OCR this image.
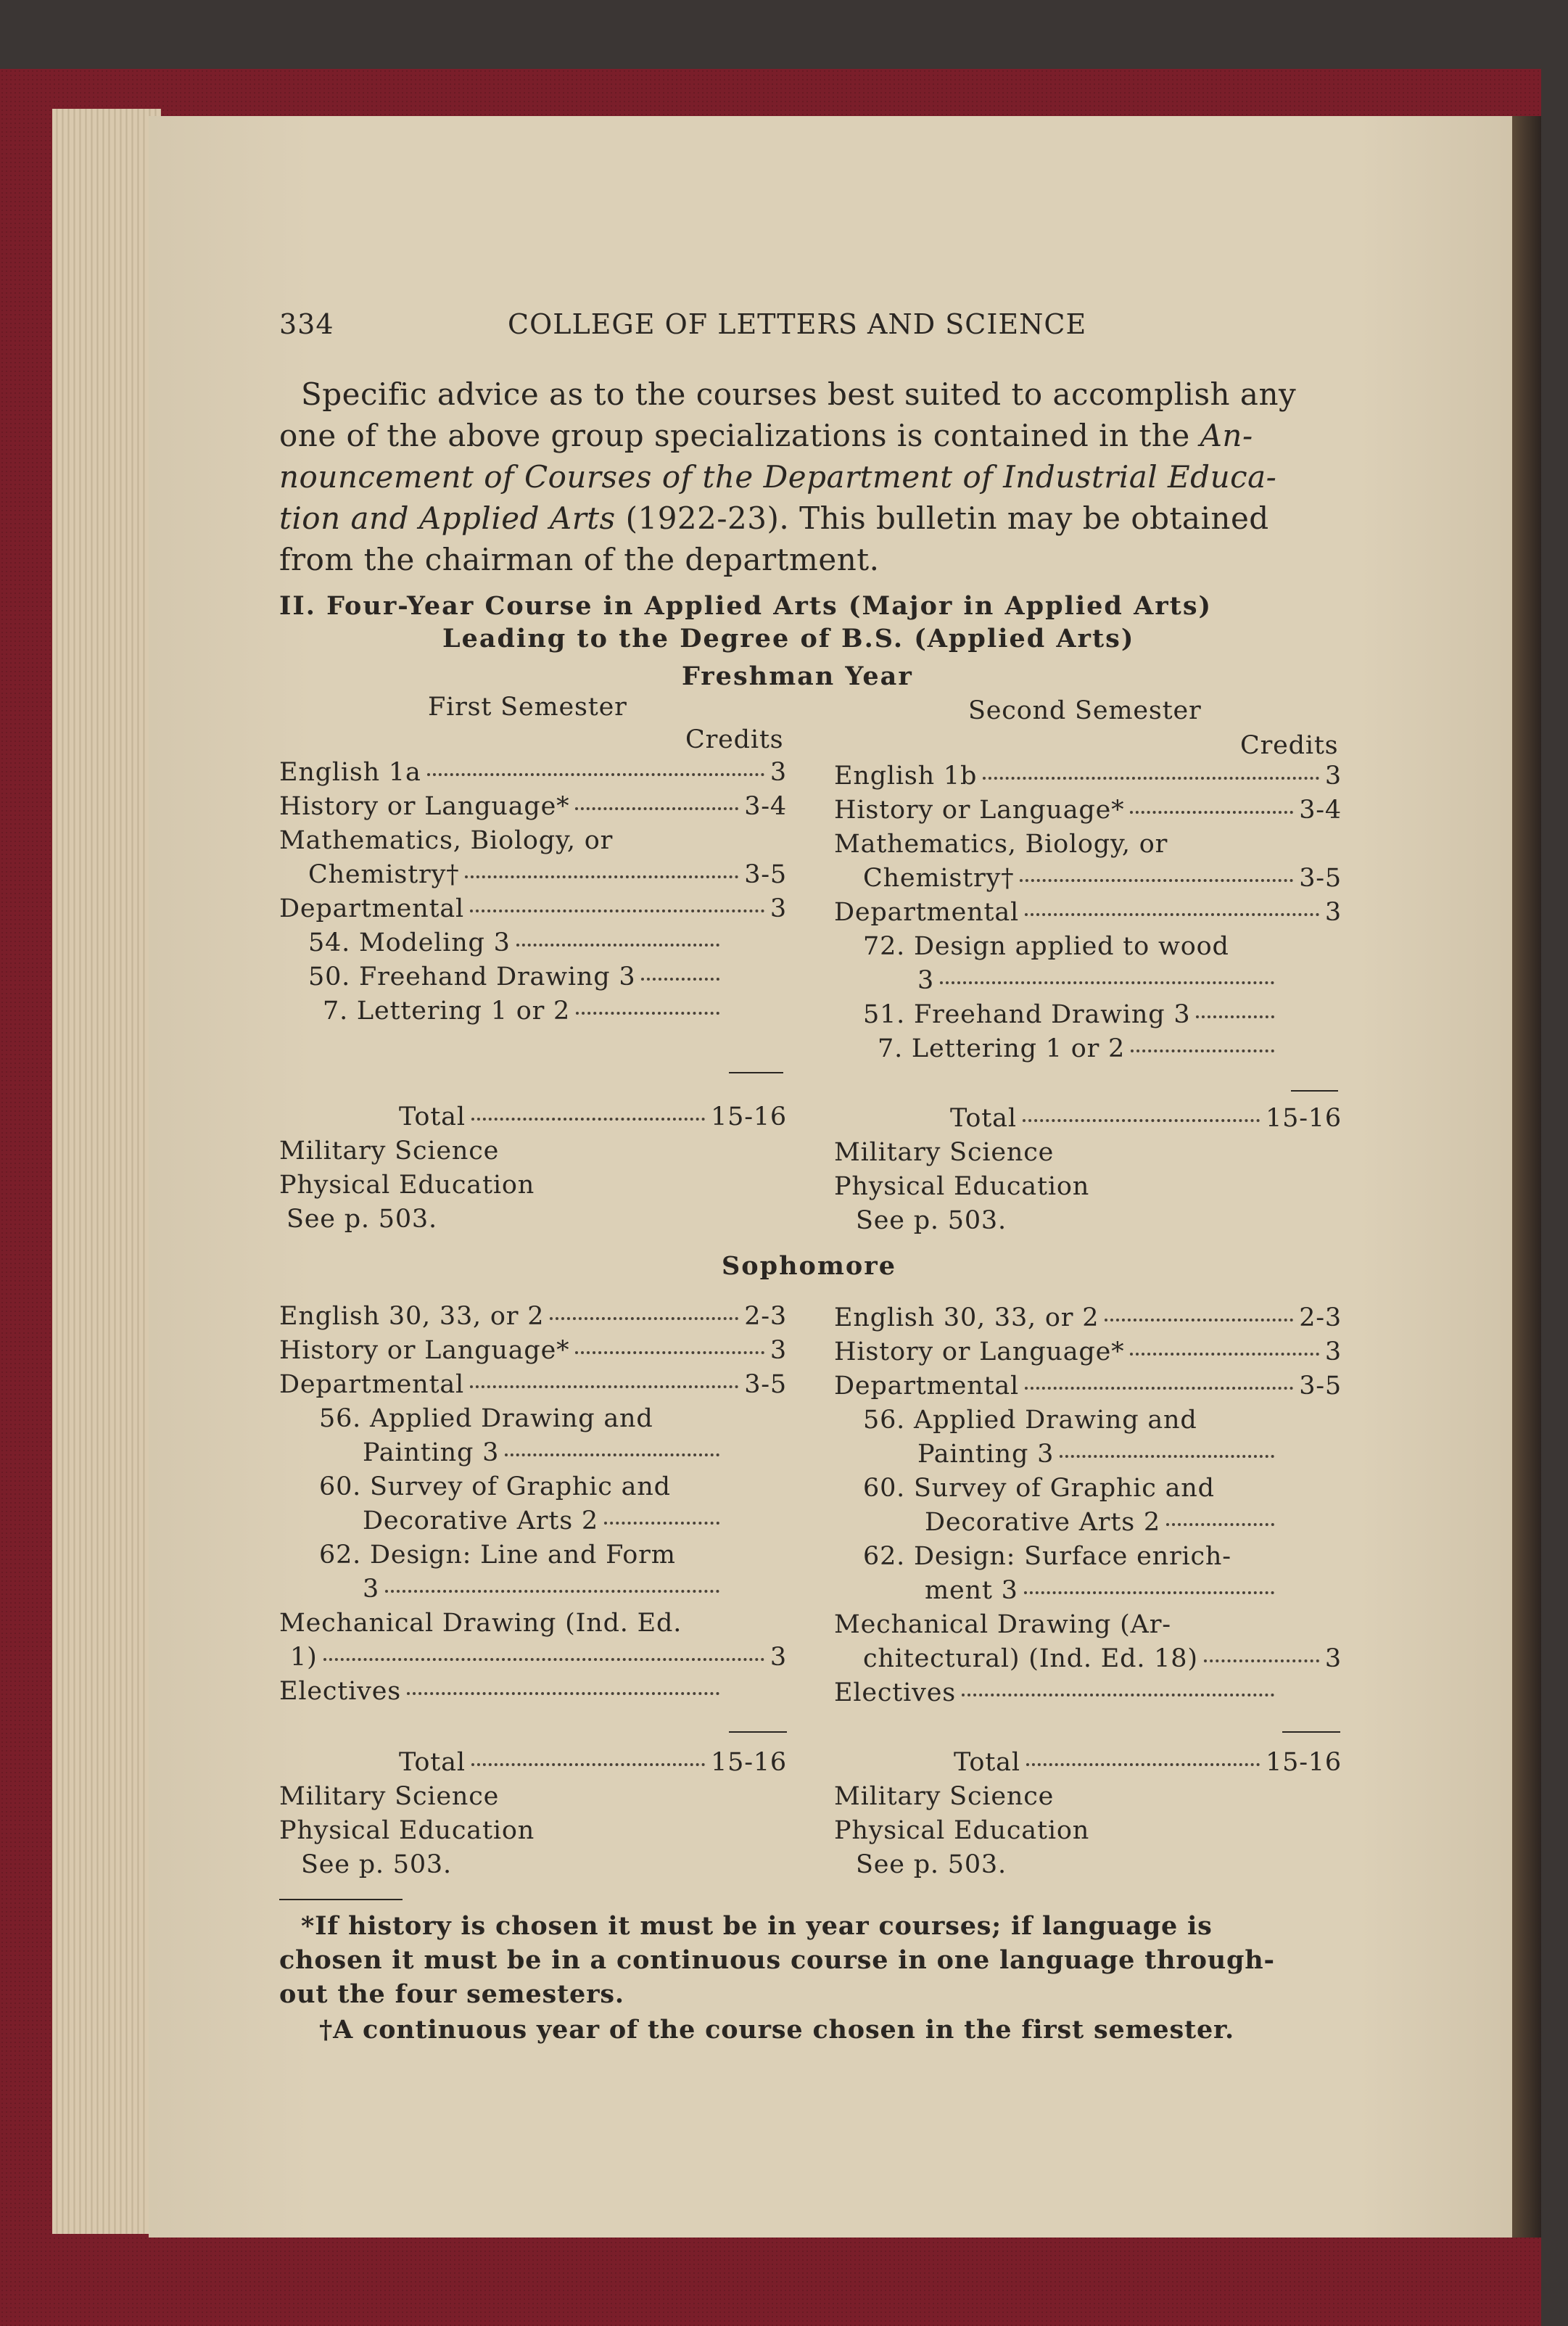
334	COLLEGE OF LETTERS AND SCIENCE
Specific advice as to the courses best suited to accomplish any
one of the above group specializations is contained in the An-
nouncement of Courses of the Department of Industrial Educa-
tion and Applied Arts (1922-23). This bulletin may be obtained
from the chairman of the department.
II. Four-Year Course in Applied Arts (Major in Applied Arts)
Leading to the Degree of B.S. (Applied Arts)
Freshman Year
First Semester	Second Semester
Credits	Credits
English 1a	3
History or Language*	3-4
Mathematics, Biology, or
Chemistry†	3-5
Departmental	3
54. Modeling 3
50. Freehand Drawing 3
7. Lettering 1 or 2
Total	15-16
Military Science
Physical Education
See p. 503.
English 1b	3
History or Language*	3-4
Mathematics, Biology, or
Chemistry†	3-5
Departmental	3
72. Design applied to wood
3
51. Freehand Drawing 3
7. Lettering 1 or 2
Total	15-16
Military Science
Physical Education
See p. 503.
Sophomore
English 30, 33, or 2	2-3
History or Language*	3
Departmental	3-5
56. Applied Drawing and
Painting 3
60. Survey of Graphic and
Decorative Arts 2
62. Design: Line and Form
3
Mechanical Drawing (Ind. Ed.
1)	3
Electives
Total	15-16
Military Science
Physical Education
See p. 503.
English 30, 33, or 2	2-3
History or Language*	3
Departmental	3-5
56. Applied Drawing and
Painting 3
60. Survey of Graphic and
Decorative Arts 2
62. Design: Surface enrich-
ment 3
Mechanical Drawing (Ar-
chitectural) (Ind. Ed. 18)	3
Electives
Total	15-16
Military Science
Physical Education
See p. 503.
*If history is chosen it must be in year courses; if language is
chosen it must be in a continuous course in one language through-
out the four semesters.
†A continuous year of the course chosen in the first semester.
